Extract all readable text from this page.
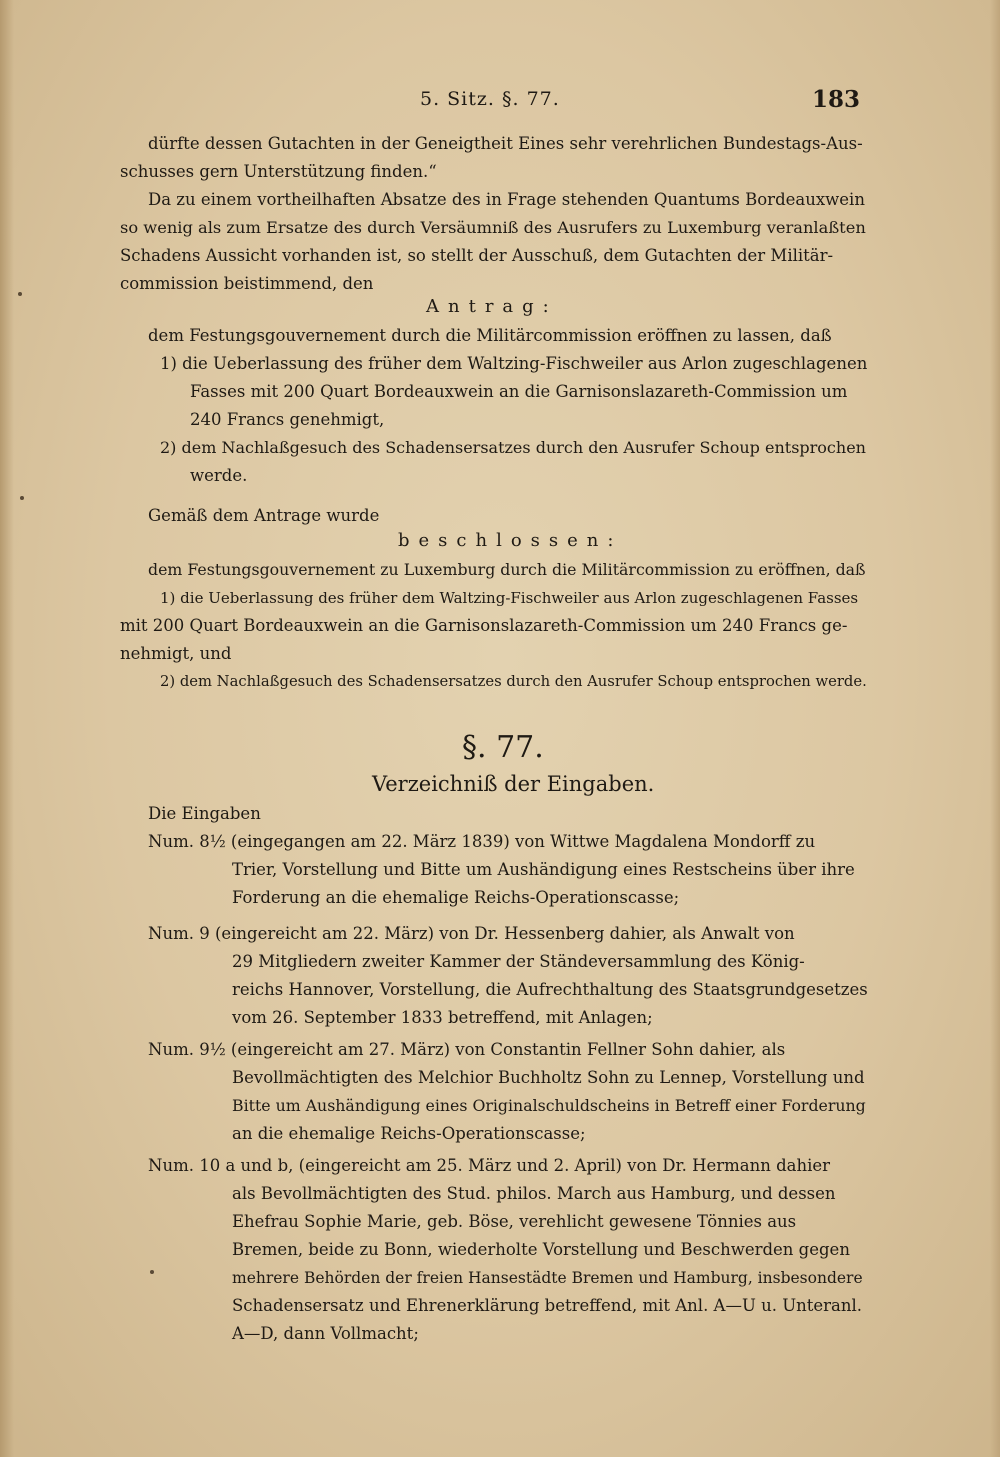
5. Sitz. §. 77.	183
dürfte dessen Gutachten in der Geneigtheit Eines sehr verehrlichen Bundestags-Aus-
schusses gern Unterstützung finden.“
Da zu einem vortheilhaften Absatze des in Frage stehenden Quantums Bordeauxwein
so wenig als zum Ersatze des durch Versäumniß des Ausrufers zu Luxemburg veranlaßten
Schadens Aussicht vorhanden ist, so stellt der Ausschuß, dem Gutachten der Militär-
commission beistimmend, den
Antrag:
dem Festungsgouvernement durch die Militärcommission eröffnen zu lassen, daß
1) die Ueberlassung des früher dem Waltzing-Fischweiler aus Arlon zugeschlagenen
Fasses mit 200 Quart Bordeauxwein an die Garnisonslazareth-Commission um
240 Francs genehmigt,
2) dem Nachlaßgesuch des Schadensersatzes durch den Ausrufer Schoup entsprochen
werde.
Gemäß dem Antrage wurde
beschlossen:
dem Festungsgouvernement zu Luxemburg durch die Militärcommission zu eröffnen, daß
1) die Ueberlassung des früher dem Waltzing-Fischweiler aus Arlon zugeschlagenen Fasses
mit 200 Quart Bordeauxwein an die Garnisonslazareth-Commission um 240 Francs ge-
nehmigt, und
2) dem Nachlaßgesuch des Schadensersatzes durch den Ausrufer Schoup entsprochen werde.
§. 77.
Verzeichniß der Eingaben.
Die Eingaben
Num. 8½ (eingegangen am 22. März 1839) von Wittwe Magdalena Mondorff zu
Trier, Vorstellung und Bitte um Aushändigung eines Restscheins über ihre
Forderung an die ehemalige Reichs-Operationscasse;
Num. 9 (eingereicht am 22. März) von Dr. Hessenberg dahier, als Anwalt von
29 Mitgliedern zweiter Kammer der Ständeversammlung des König-
reichs Hannover, Vorstellung, die Aufrechthaltung des Staatsgrundgesetzes
vom 26. September 1833 betreffend, mit Anlagen;
Num. 9½ (eingereicht am 27. März) von Constantin Fellner Sohn dahier, als
Bevollmächtigten des Melchior Buchholtz Sohn zu Lennep, Vorstellung und
Bitte um Aushändigung eines Originalschuldscheins in Betreff einer Forderung
an die ehemalige Reichs-Operationscasse;
Num. 10 a und b, (eingereicht am 25. März und 2. April) von Dr. Hermann dahier
als Bevollmächtigten des Stud. philos. March aus Hamburg, und dessen
Ehefrau Sophie Marie, geb. Böse, verehlicht gewesene Tönnies aus
Bremen, beide zu Bonn, wiederholte Vorstellung und Beschwerden gegen
mehrere Behörden der freien Hansestädte Bremen und Hamburg, insbesondere
Schadensersatz und Ehrenerklärung betreffend, mit Anl. A—U u. Unteranl.
A—D, dann Vollmacht;
